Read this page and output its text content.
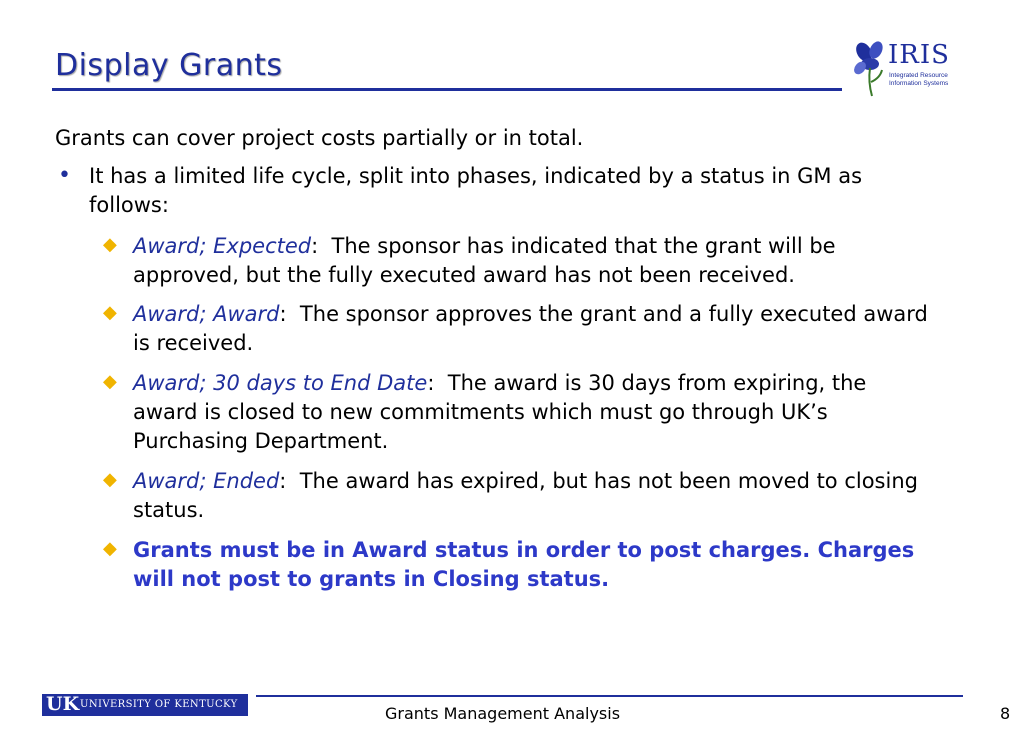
Display Grants	IRIS
Integrated Resource
Information Systems
Grants can cover project costs partially or in total.
• It has a limited life cycle, split into phases, indicated by a status in GM as follows:
◆ Award; Expected:  The sponsor has indicated that the grant will be approved, but the fully executed award has not been received.
◆ Award; Award:  The sponsor approves the grant and a fully executed award is received.
◆ Award; 30 days to End Date:  The award is 30 days from expiring, the award is closed to new commitments which must go through UK’s Purchasing Department.
◆ Award; Ended:  The award has expired, but has not been moved to closing status.
◆ Grants must be in Award status in order to post charges. Charges will not post to grants in Closing status.
UK UNIVERSITY OF KENTUCKY	Grants Management Analysis	8
